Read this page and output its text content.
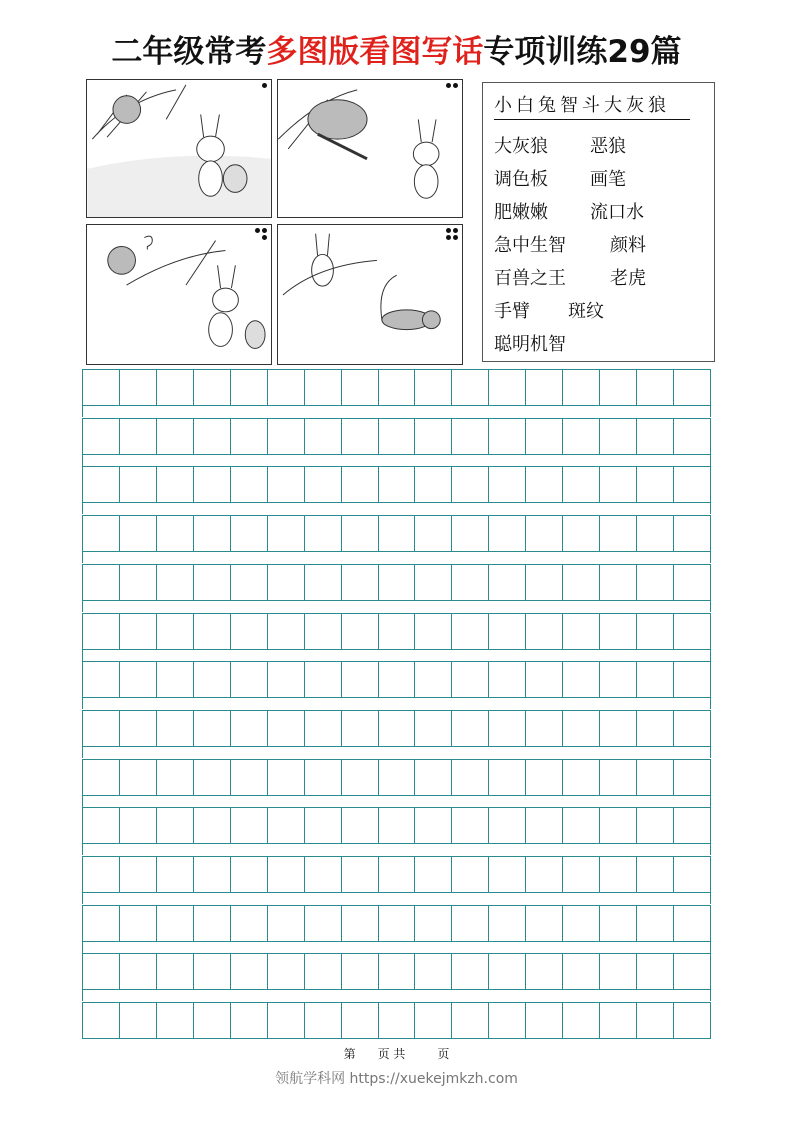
二年级常考多图版看图写话专项训练29篇
小白兔智斗大灰狼
大灰狼 恶狼
调色板 画笔
肥嫩嫩 流口水
急中生智 颜料
百兽之王 老虎
手臂 斑纹
聪明机智
第 页 共	页
领航学科网 https://xuekejmkzh.com
